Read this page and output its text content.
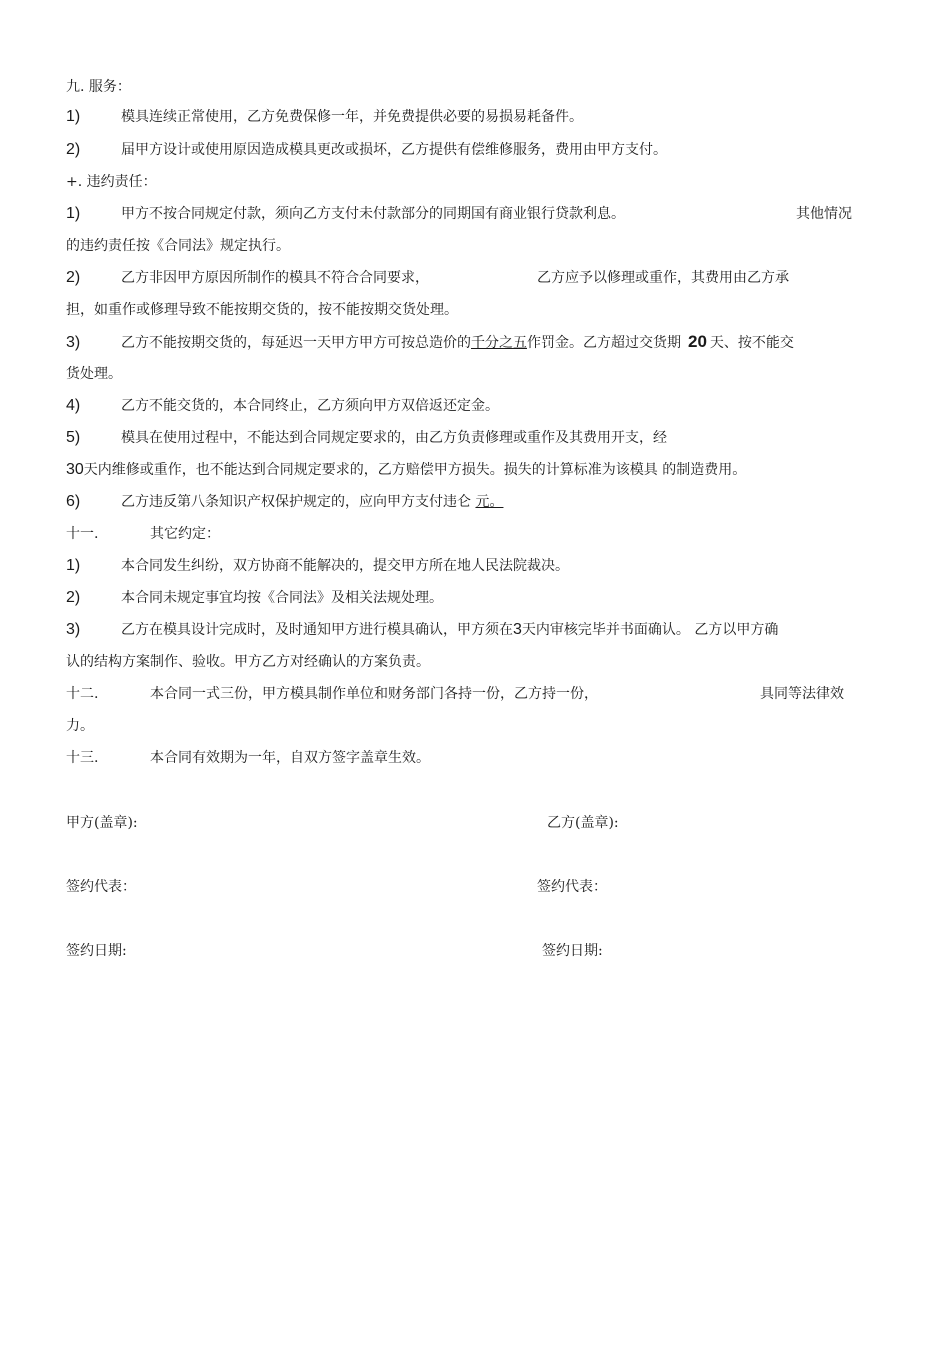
九. 服务：
1)	模具连续正常使用，乙方免费保修一年，并免费提供必要的易损易耗备件。
2)	届甲方设计或使用原因造成模具更改或损坏，乙方提供有偿维修服务，费用由甲方支付。
+. 违约责任：
1)	甲方不按合同规定付款，须向乙方支付未付款部分的同期国有商业银行贷款利息。	其他情况
的违约责任按《合同法》规定执行。
2)	乙方非因甲方原因所制作的模具不符合合同要求，	乙方应予以修理或重作，其费用由乙方承
担，如重作或修理导致不能按期交货的，按不能按期交货处理。
3)	乙方不能按期交货的，每延迟一天甲方甲方可按总造价的千分之五作罚金。乙方超过交货期 20 天、按不能交
货处理。
4)	乙方不能交货的，本合同终止，乙方须向甲方双倍返还定金。
5)	模具在使用过程中，不能达到合同规定要求的，由乙方负责修理或重作及其费用开支，经
30天内维修或重作，也不能达到合同规定要求的，乙方赔偿甲方损失。损失的计算标准为该模具 的制造费用。
6)	乙方违反第八条知识产权保护规定的，应向甲方支付违仑 元。
十一.	其它约定：
1)	本合同发生纠纷，双方协商不能解决的，提交甲方所在地人民法院裁决。
2)	本合同未规定事宜均按《合同法》及相关法规处理。
3)	乙方在模具设计完成时，及时通知甲方进行模具确认，甲方须在3天内审核完毕并书面确认。 乙方以甲方确
认的结构方案制作、验收。甲方乙方对经确认的方案负责。
十二.	本合同一式三份，甲方模具制作单位和财务部门各持一份，乙方持一份，	具同等法律效
力。
十三.	本合同有效期为一年，自双方签字盖章生效。
甲方(盖章):	乙方(盖章):
签约代表：	签约代表：
签约日期:	签约日期:
